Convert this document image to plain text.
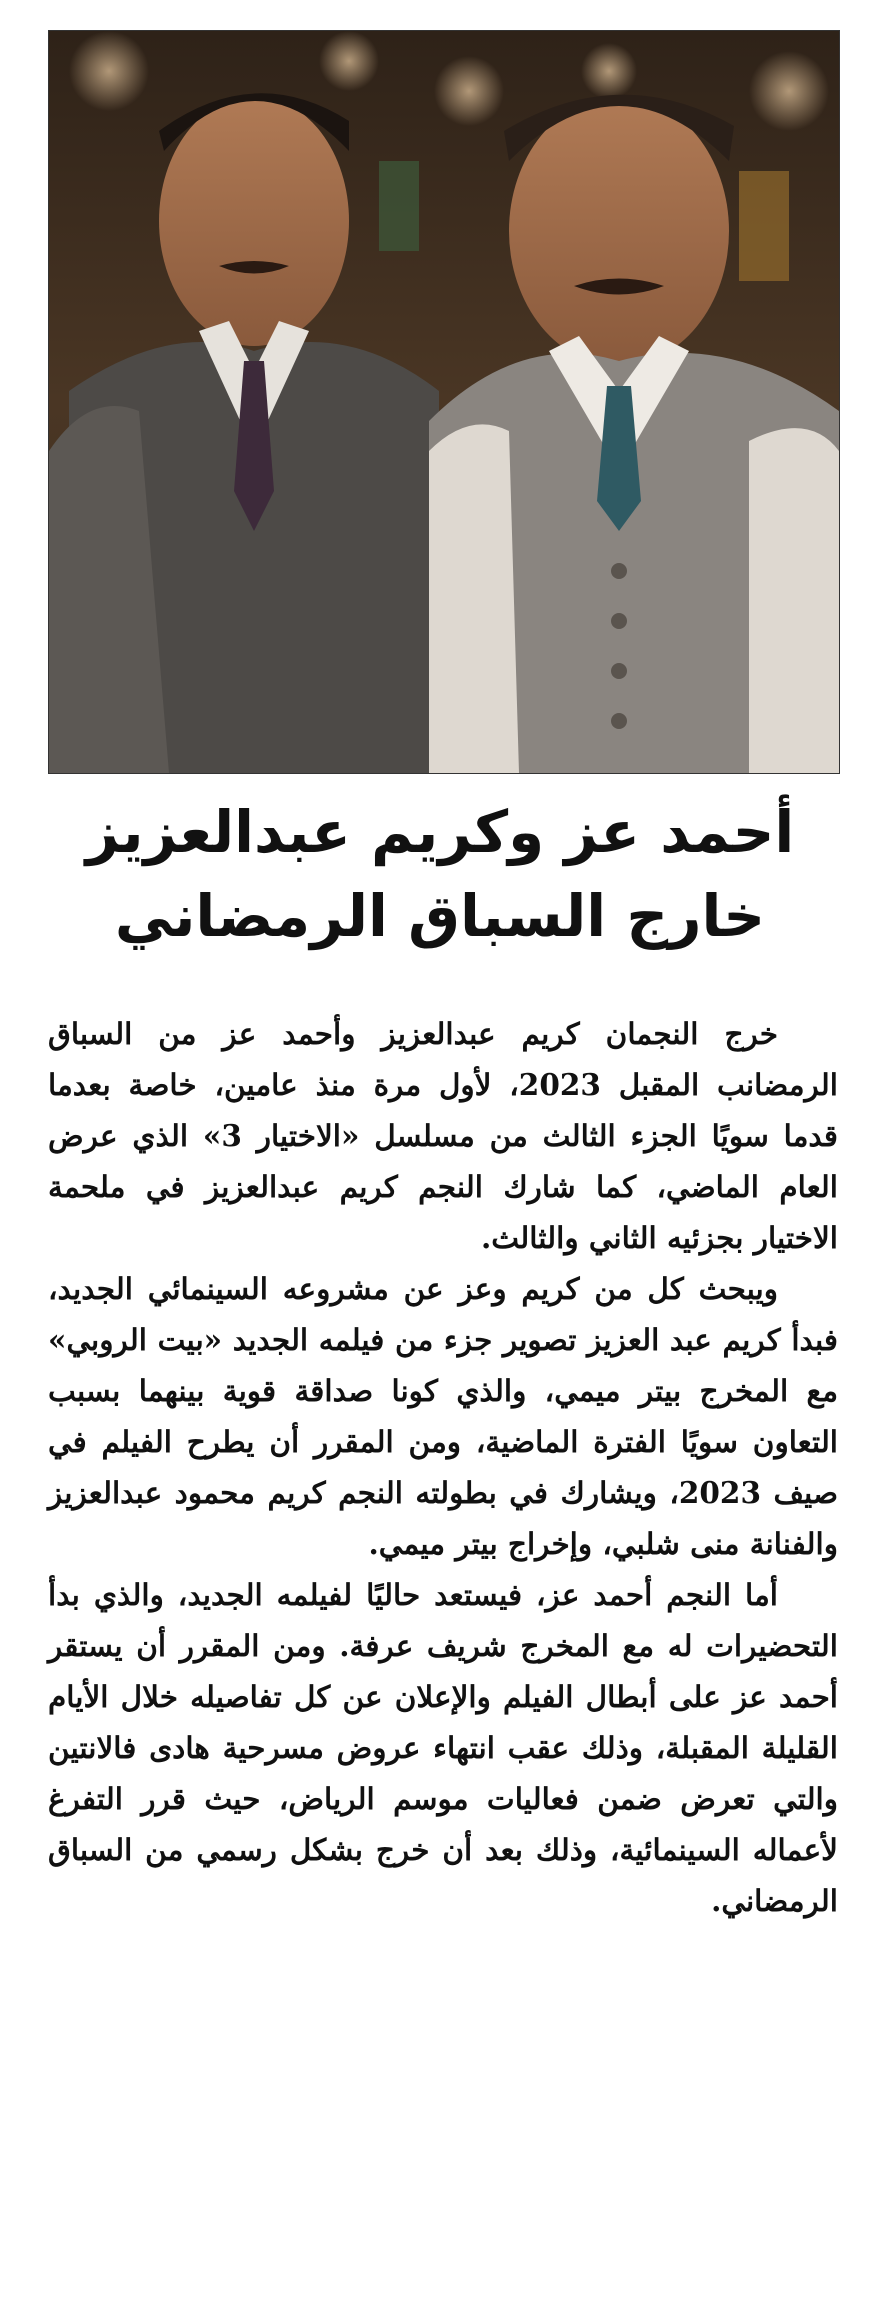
أحمد عز وكريم عبدالعزيز
خارج السباق الرمضاني

خرج النجمان كريم عبدالعزيز وأحمد عز من السباق الرمضانب المقبل 2023، لأول مرة منذ عامين، خاصة بعدما قدما سويًا الجزء الثالث من مسلسل «الاختيار 3» الذي عرض العام الماضي، كما شارك النجم كريم عبدالعزيز في ملحمة الاختيار بجزئيه الثاني والثالث.

ويبحث كل من كريم وعز عن مشروعه السينمائي الجديد، فبدأ كريم عبد العزيز تصوير جزء من فيلمه الجديد «بيت الروبي» مع المخرج بيتر ميمي، والذي كونا صداقة قوية بينهما بسبب التعاون سويًا الفترة الماضية، ومن المقرر أن يطرح الفيلم في صيف 2023، ويشارك في بطولته النجم كريم محمود عبدالعزيز والفنانة منى شلبي، وإخراج بيتر ميمي.

أما النجم أحمد عز، فيستعد حاليًا لفيلمه الجديد، والذي بدأ التحضيرات له مع المخرج شريف عرفة. ومن المقرر أن يستقر أحمد عز على أبطال الفيلم والإعلان عن كل تفاصيله خلال الأيام القليلة المقبلة، وذلك عقب انتهاء عروض مسرحية هادى فالانتين والتي تعرض ضمن فعاليات موسم الرياض، حيث قرر التفرغ لأعماله السينمائية، وذلك بعد أن خرج بشكل رسمي من السباق الرمضاني.
